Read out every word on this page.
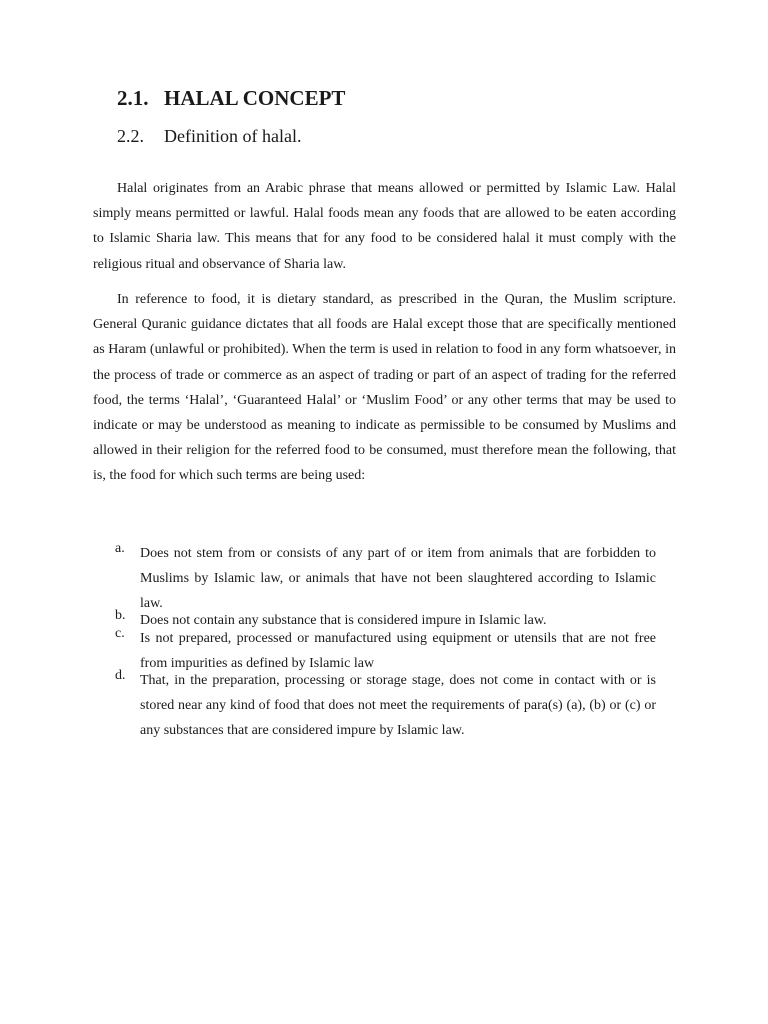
2.1. HALAL CONCEPT
2.2. Definition of halal.

Halal originates from an Arabic phrase that means allowed or permitted by Islamic Law. Halal simply means permitted or lawful. Halal foods mean any foods that are allowed to be eaten according to Islamic Sharia law. This means that for any food to be considered halal it must comply with the religious ritual and observance of Sharia law.

In reference to food, it is dietary standard, as prescribed in the Quran, the Muslim scripture. General Quranic guidance dictates that all foods are Halal except those that are specifically mentioned as Haram (unlawful or prohibited). When the term is used in relation to food in any form whatsoever, in the process of trade or commerce as an aspect of trading or part of an aspect of trading for the referred food, the terms ‘Halal’, ‘Guaranteed Halal’ or ‘Muslim Food’ or any other terms that may be used to indicate or may be understood as meaning to indicate as permissible to be consumed by Muslims and allowed in their religion for the referred food to be consumed, must therefore mean the following, that is, the food for which such terms are being used:

a.	Does not stem from or consists of any part of or item from animals that are forbidden to Muslims by Islamic law, or animals that have not been slaughtered according to Islamic law.
b.	Does not contain any substance that is considered impure in Islamic law.
c.	Is not prepared, processed or manufactured using equipment or utensils that are not free from impurities as defined by Islamic law
d.	That, in the preparation, processing or storage stage, does not come in contact with or is stored near any kind of food that does not meet the requirements of para(s) (a), (b) or (c) or any substances that are considered impure by Islamic law.
